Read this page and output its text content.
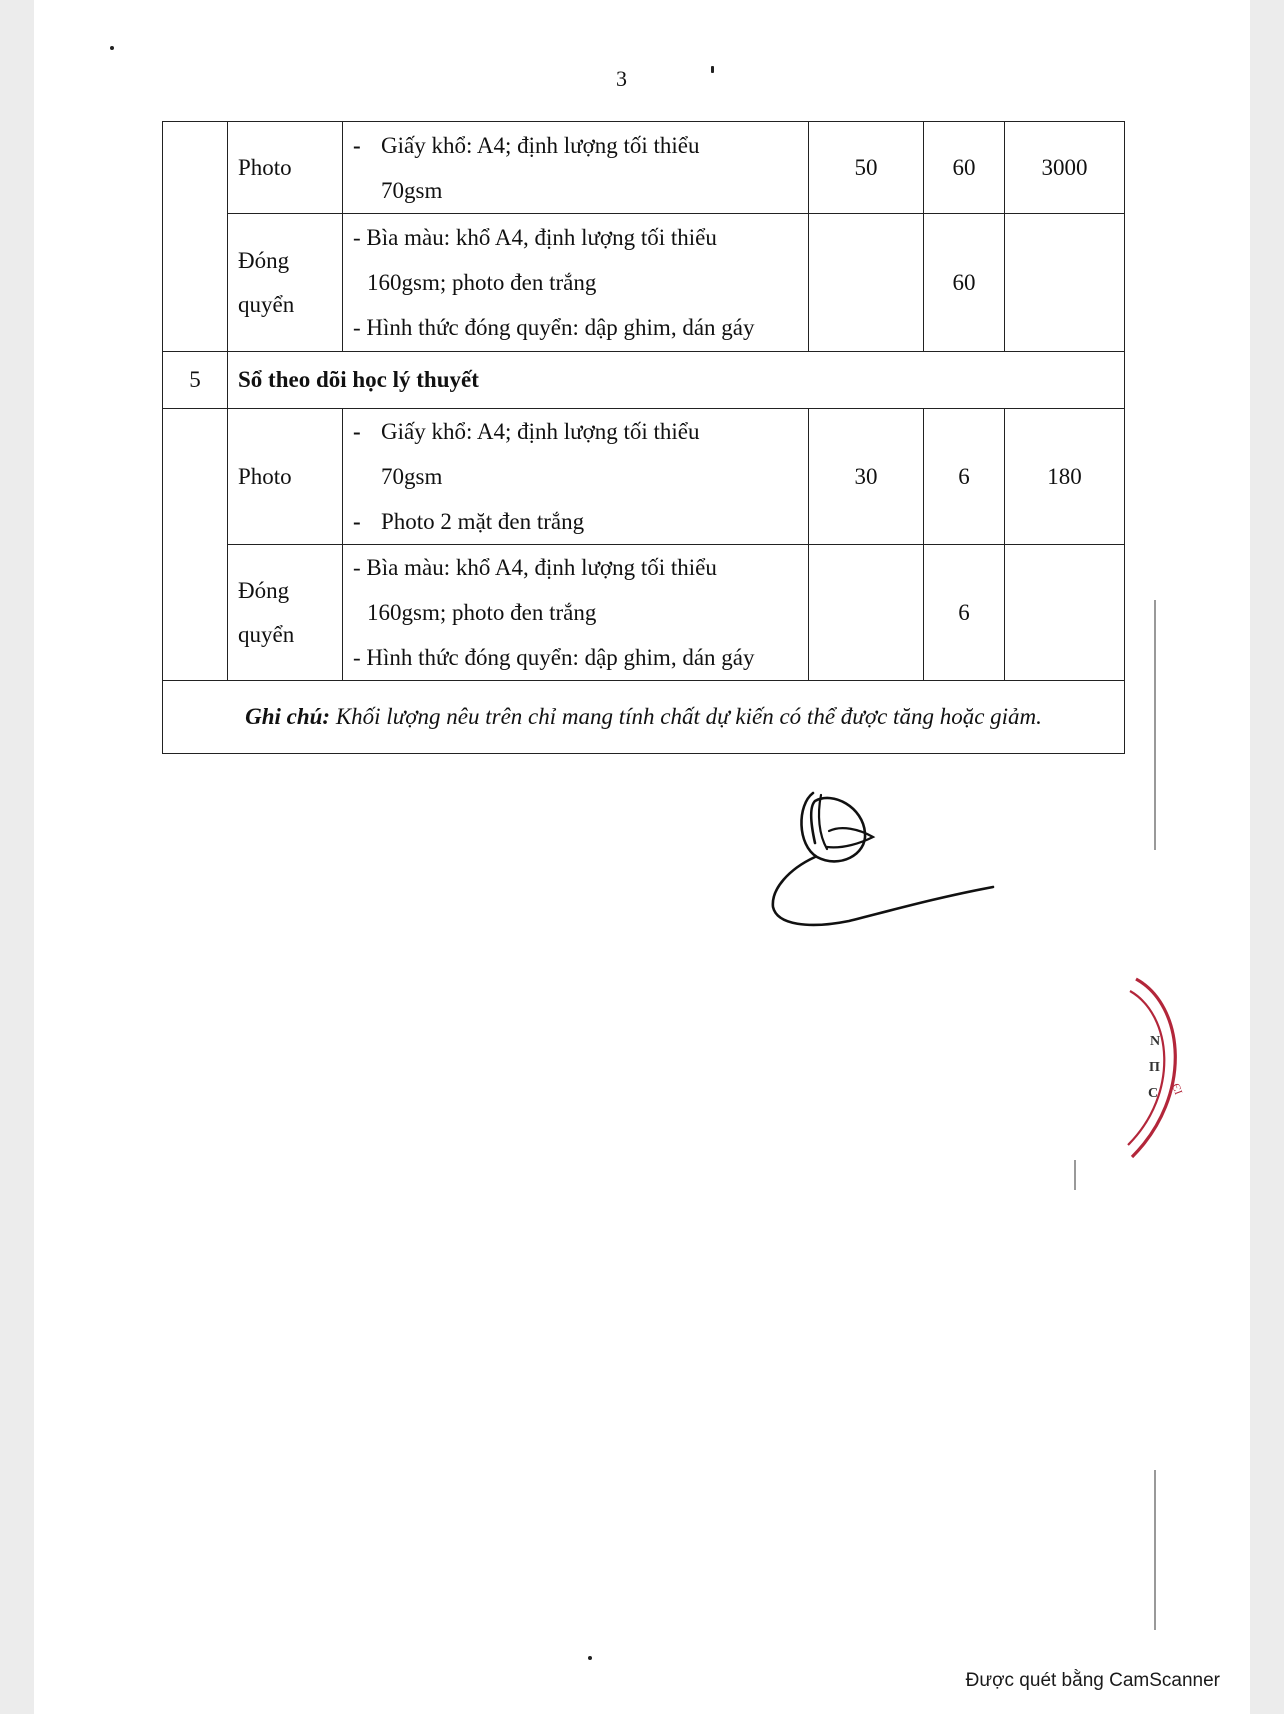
3
	Photo	- Giấy khổ: A4; định lượng tối thiểu
70gsm	50	60	3000
	Đóng quyển	- Bìa màu: khổ A4, định lượng tối thiểu
160gsm; photo đen trắng
- Hình thức đóng quyển: dập ghim, dán gáy		60	
5	Sổ theo dõi học lý thuyết				
	Photo	- Giấy khổ: A4; định lượng tối thiểu
70gsm
- Photo 2 mặt đen trắng	30	6	180
	Đóng quyển	- Bìa màu: khổ A4, định lượng tối thiểu
160gsm; photo đen trắng
- Hình thức đóng quyển: dập ghim, dán gáy		6	
Ghi chú: Khối lượng nêu trên chỉ mang tính chất dự kiến có thể được tăng hoặc giảm.					
N
Π
C ЄI
Được quét bằng CamScanner
